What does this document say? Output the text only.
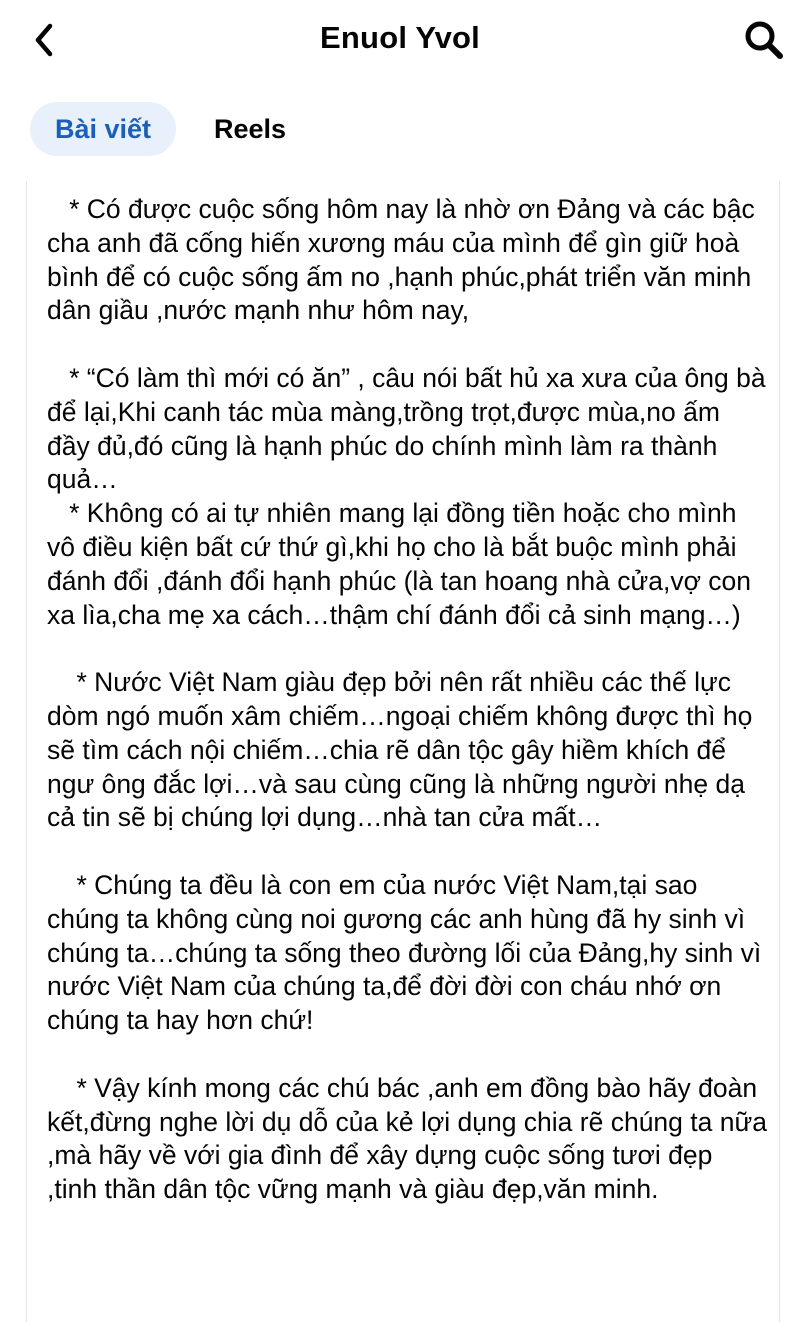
Enuol Yvol
Bài viết	Reels

* Có được cuộc sống hôm nay là nhờ ơn Đảng và các bậc cha anh đã cống hiến xương máu của mình để gìn giữ hoà bình để có cuộc sống ấm no ,hạnh phúc,phát triển văn minh dân giầu ,nước mạnh như hôm nay,

* “Có làm thì mới có ăn” , câu nói bất hủ xa xưa của ông bà để lại,Khi canh tác mùa màng,trồng trọt,được mùa,no ấm đầy đủ,đó cũng là hạnh phúc do chính mình làm ra thành quả…

* Không có ai tự nhiên mang lại đồng tiền hoặc cho mình vô điều kiện bất cứ thứ gì,khi họ cho là bắt buộc mình phải đánh đổi ,đánh đổi hạnh phúc (là tan hoang nhà cửa,vợ con xa lìa,cha mẹ xa cách…thậm chí đánh đổi cả sinh mạng…)

* Nước Việt Nam giàu đẹp bởi nên rất nhiều các thế lực dòm ngó muốn xâm chiếm…ngoại chiếm không được thì họ sẽ tìm cách nội chiếm…chia rẽ dân tộc gây hiềm khích để ngư ông đắc lợi…và sau cùng cũng là những người nhẹ dạ cả tin sẽ bị chúng lợi dụng…nhà tan cửa mất…

* Chúng ta đều là con em của nước Việt Nam,tại sao chúng ta không cùng noi gương các anh hùng đã hy sinh vì chúng ta…chúng ta sống theo đường lối của Đảng,hy sinh vì nước Việt Nam của chúng ta,để đời đời con cháu nhớ ơn chúng ta hay hơn chứ!

* Vậy kính mong các chú bác ,anh em đồng bào hãy đoàn kết,đừng nghe lời dụ dỗ của kẻ lợi dụng chia rẽ chúng ta nữa ,mà hãy về với gia đình để xây dựng cuộc sống tươi đẹp ,tinh thần dân tộc vững mạnh và giàu đẹp,văn minh.
